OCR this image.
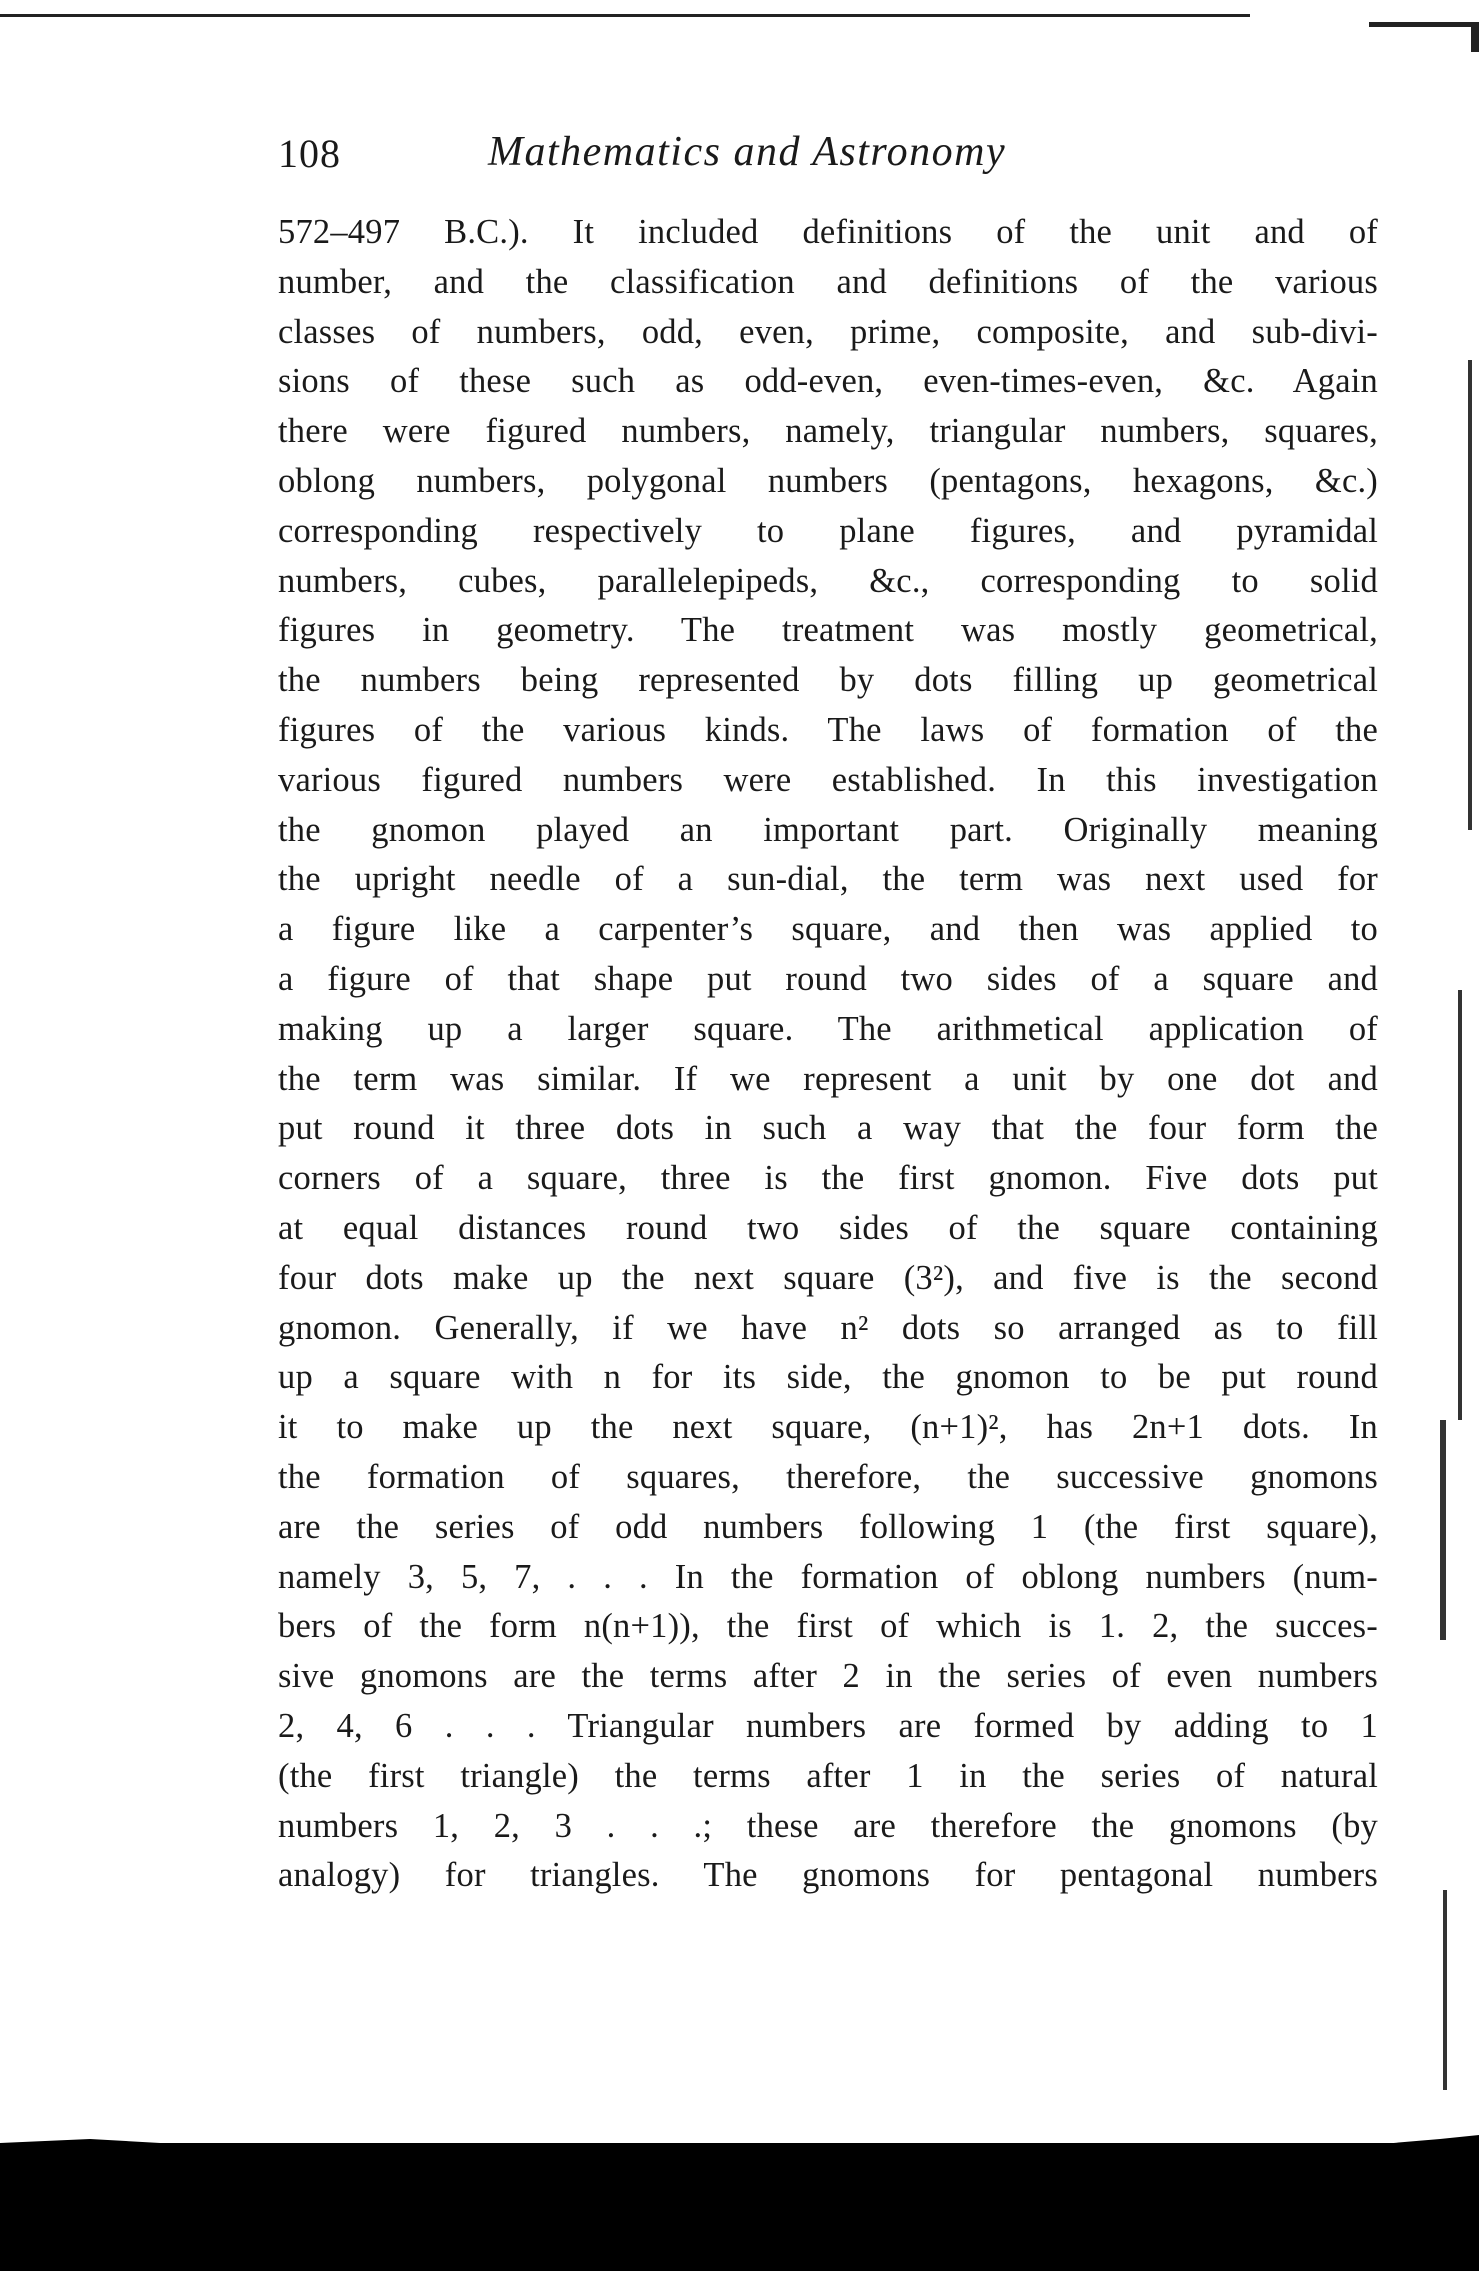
108	Mathematics and Astronomy
572–497 B.C.). It included definitions of the unit and of
number, and the classification and definitions of the various
classes of numbers, odd, even, prime, composite, and sub-divi-
sions of these such as odd-even, even-times-even, &c. Again
there were figured numbers, namely, triangular numbers, squares,
oblong numbers, polygonal numbers (pentagons, hexagons, &c.)
corresponding respectively to plane figures, and pyramidal
numbers, cubes, parallelepipeds, &c., corresponding to solid
figures in geometry. The treatment was mostly geometrical,
the numbers being represented by dots filling up geometrical
figures of the various kinds. The laws of formation of the
various figured numbers were established. In this investigation
the gnomon played an important part. Originally meaning
the upright needle of a sun-dial, the term was next used for
a figure like a carpenter’s square, and then was applied to
a figure of that shape put round two sides of a square and
making up a larger square. The arithmetical application of
the term was similar. If we represent a unit by one dot and
put round it three dots in such a way that the four form the
corners of a square, three is the first gnomon. Five dots put
at equal distances round two sides of the square containing
four dots make up the next square (3²), and five is the second
gnomon. Generally, if we have n² dots so arranged as to fill
up a square with n for its side, the gnomon to be put round
it to make up the next square, (n+1)², has 2n+1 dots. In
the formation of squares, therefore, the successive gnomons
are the series of odd numbers following 1 (the first square),
namely 3, 5, 7, . . . In the formation of oblong numbers (num-
bers of the form n(n+1)), the first of which is 1. 2, the succes-
sive gnomons are the terms after 2 in the series of even numbers
2, 4, 6 . . . Triangular numbers are formed by adding to 1
(the first triangle) the terms after 1 in the series of natural
numbers 1, 2, 3 . . .; these are therefore the gnomons (by
analogy) for triangles. The gnomons for pentagonal numbers
